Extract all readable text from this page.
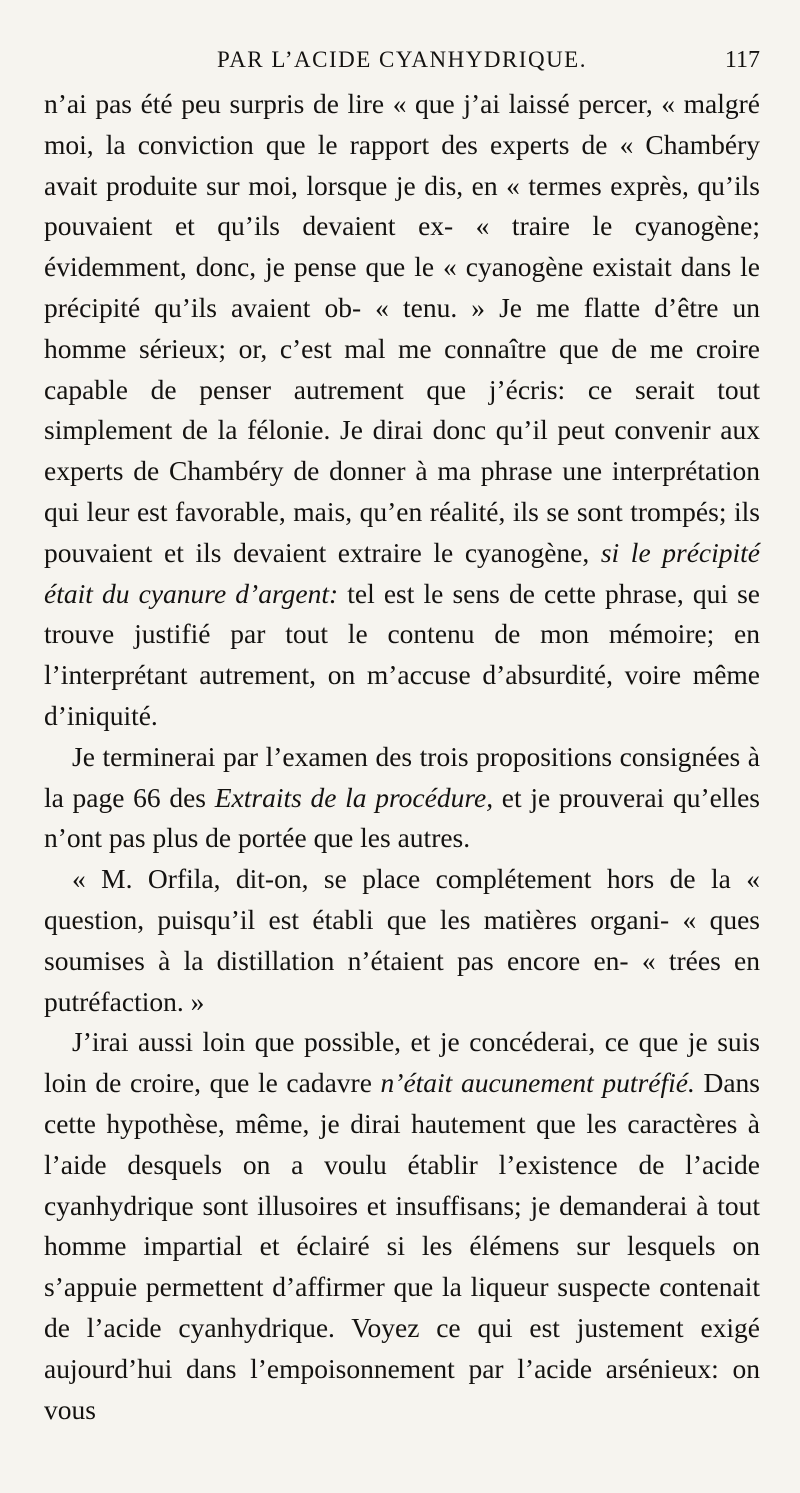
PAR L’ACIDE CYANHYDRIQUE.	117

n’ai pas été peu surpris de lire « que j’ai laissé percer, « malgré moi, la conviction que le rapport des experts de « Chambéry avait produite sur moi, lorsque je dis, en « termes exprès, qu’ils pouvaient et qu’ils devaient ex- « traire le cyanogène; évidemment, donc, je pense que le « cyanogène existait dans le précipité qu’ils avaient ob- « tenu. » Je me flatte d’être un homme sérieux; or, c’est mal me connaître que de me croire capable de penser autrement que j’écris: ce serait tout simplement de la félonie. Je dirai donc qu’il peut convenir aux experts de Chambéry de donner à ma phrase une interprétation qui leur est favorable, mais, qu’en réalité, ils se sont trompés; ils pouvaient et ils devaient extraire le cyanogène, si le précipité était du cyanure d’argent: tel est le sens de cette phrase, qui se trouve justifié par tout le contenu de mon mémoire; en l’interprétant autrement, on m’accuse d’absurdité, voire même d’iniquité.

Je terminerai par l’examen des trois propositions consignées à la page 66 des Extraits de la procédure, et je prouverai qu’elles n’ont pas plus de portée que les autres.

« M. Orfila, dit-on, se place complétement hors de la « question, puisqu’il est établi que les matières organi- « ques soumises à la distillation n’étaient pas encore en- « trées en putréfaction. »

J’irai aussi loin que possible, et je concéderai, ce que je suis loin de croire, que le cadavre n’était aucunement putréfié. Dans cette hypothèse, même, je dirai hautement que les caractères à l’aide desquels on a voulu établir l’existence de l’acide cyanhydrique sont illusoires et insuffisans; je demanderai à tout homme impartial et éclairé si les élémens sur lesquels on s’appuie permettent d’affirmer que la liqueur suspecte contenait de l’acide cyanhydrique. Voyez ce qui est justement exigé aujourd’hui dans l’empoisonnement par l’acide arsénieux: on vous
